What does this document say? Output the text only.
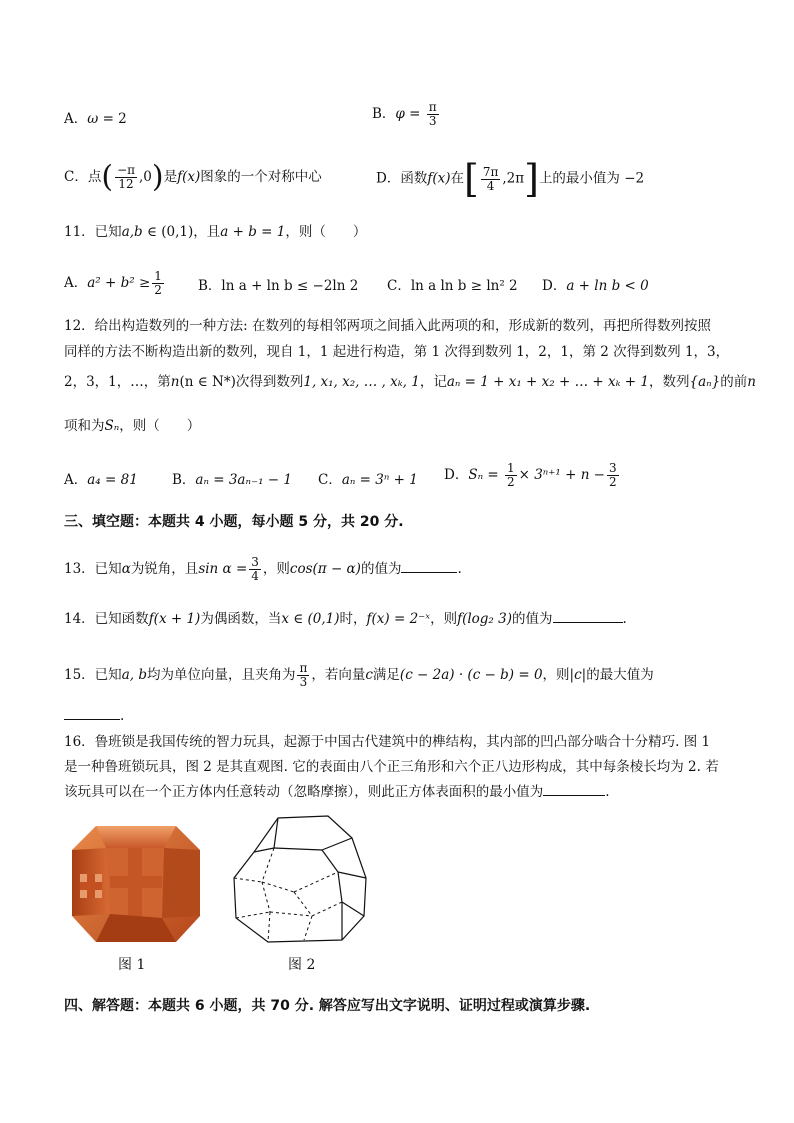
A．ω = 2	B．$\varphi = \frac{\pi}{3}$
C．点( $\frac{-\pi}{12} ,0$)是f(x)图象的一个对称中心	D．函数f(x)在[ $\frac{7\pi}{4} ,2\pi$]上的最小值为 −2
11．已知a,b ∈ (0,1)，且a + b = 1，则（　　）
A．$a^2 + b^2 \ge \frac{1}{2}$	B．ln a + ln b ≤ −2ln 2 C．ln a ln b ≥ ln² 2 D．a + ln b < 0
12．给出构造数列的一种方法: 在数列的每相邻两项之间插入此两项的和，形成新的数列，再把所得数列按照
同样的方法不断构造出新的数列，现自 1，1 起进行构造，第 1 次得到数列 1，2，1，第 2 次得到数列 1，3，
2，3，1，…，第n(n ∈ N*)次得到数列1, x₁, x₂, … , xₖ, 1，记aₙ = 1 + x₁ + x₂ + … + xₖ + 1，数列{aₙ}的前n
项和为Sₙ，则（　　）
A．a₄ = 81	B．aₙ = 3aₙ₋₁ − 1 C．aₙ = 3ⁿ + 1 D．$S_n = \frac{1}{2} \times 3^{n+1} + n - \frac{3}{2}$
三、填空题：本题共 4 小题，每小题 5 分，共 20 分.
13．已知α为锐角，且$\sin \alpha = \frac{3}{4}$ ，则cos(π − α)的值为	.
14．已知函数f(x + 1)为偶函数，当x ∈ (0,1)时，f(x) = 2⁻ˣ，则f(log₂ 3)的值为	.
15．已知a, b均为单位向量，且夹角为 $\frac{\pi}{3}$ ，若向量c满足(c − 2a) · (c − b) = 0，则|c|的最大值为
.
16．鲁班锁是我国传统的智力玩具，起源于中国古代建筑中的榫结构，其内部的凹凸部分啮合十分精巧. 图 1
是一种鲁班锁玩具，图 2 是其直观图. 它的表面由八个正三角形和六个正八边形构成，其中每条棱长均为 2. 若
该玩具可以在一个正方体内任意转动（忽略摩擦），则此正方体表面积的最小值为	.
图 1	图 2
四、解答题：本题共 6 小题，共 70 分. 解答应写出文字说明、证明过程或演算步骤.
